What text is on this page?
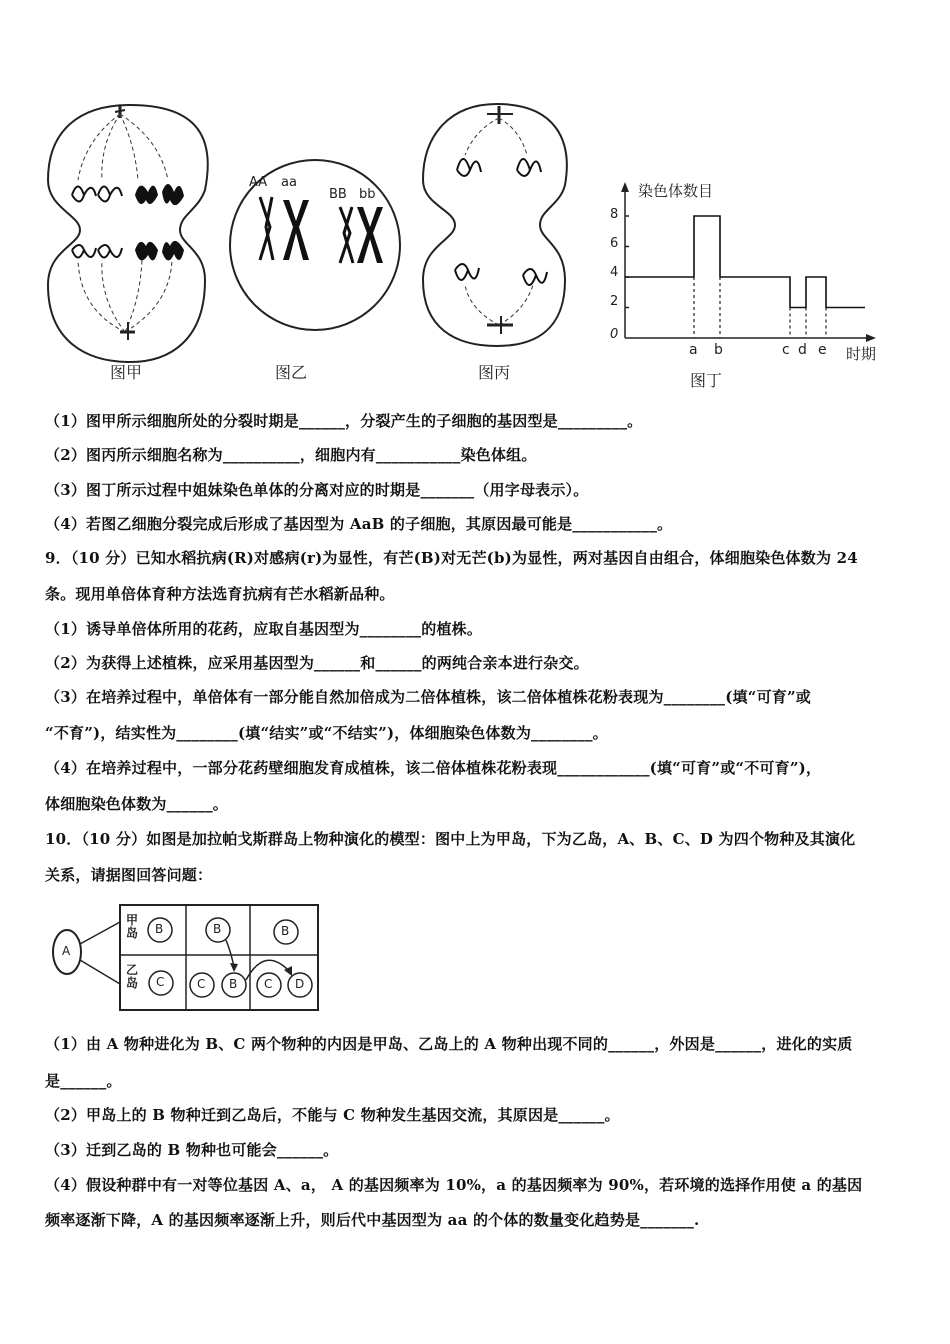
图甲
AA aa
BB bb
图乙	图丙
染色体数目
时期
8
6
4
2
0
a b	c d e
图丁
（1）图甲所示细胞所处的分裂时期是______，分裂产生的子细胞的基因型是_________。
（2）图丙所示细胞名称为__________，细胞内有___________染色体组。
（3）图丁所示过程中姐妹染色单体的分离对应的时期是_______（用字母表示）。
（4）若图乙细胞分裂完成后形成了基因型为 AaB 的子细胞，其原因最可能是___________。
9．（10 分）已知水稻抗病(R)对感病(r)为显性，有芒(B)对无芒(b)为显性，两对基因自由组合，体细胞染色体数为 24
条。现用单倍体育种方法选育抗病有芒水稻新品种。
（1）诱导单倍体所用的花药，应取自基因型为________的植株。
（2）为获得上述植株，应采用基因型为______和______的两纯合亲本进行杂交。
（3）在培养过程中，单倍体有一部分能自然加倍成为二倍体植株，该二倍体植株花粉表现为________(填“可育”或
“不育”)，结实性为________(填“结实”或“不结实”)，体细胞染色体数为________。
（4）在培养过程中，一部分花药壁细胞发育成植株，该二倍体植株花粉表现____________(填“可育”或“不可育”)，
体细胞染色体数为______。
10．（10 分）如图是加拉帕戈斯群岛上物种演化的模型：图中上为甲岛，下为乙岛，A、B、C、D 为四个物种及其演化
关系，请据图回答问题：
甲岛
乙岛
A
B	B	B
C	C B C D
（1）由 A 物种进化为 B、C 两个物种的内因是甲岛、乙岛上的 A 物种出现不同的______，外因是______，进化的实质
是______。
（2）甲岛上的 B 物种迁到乙岛后，不能与 C 物种发生基因交流，其原因是______。
（3）迁到乙岛的 B 物种也可能会______。
（4）假设种群中有一对等位基因 A、a， A 的基因频率为 10%，a 的基因频率为 90%，若环境的选择作用使 a 的基因
频率逐渐下降，A 的基因频率逐渐上升，则后代中基因型为 aa 的个体的数量变化趋势是_______.
